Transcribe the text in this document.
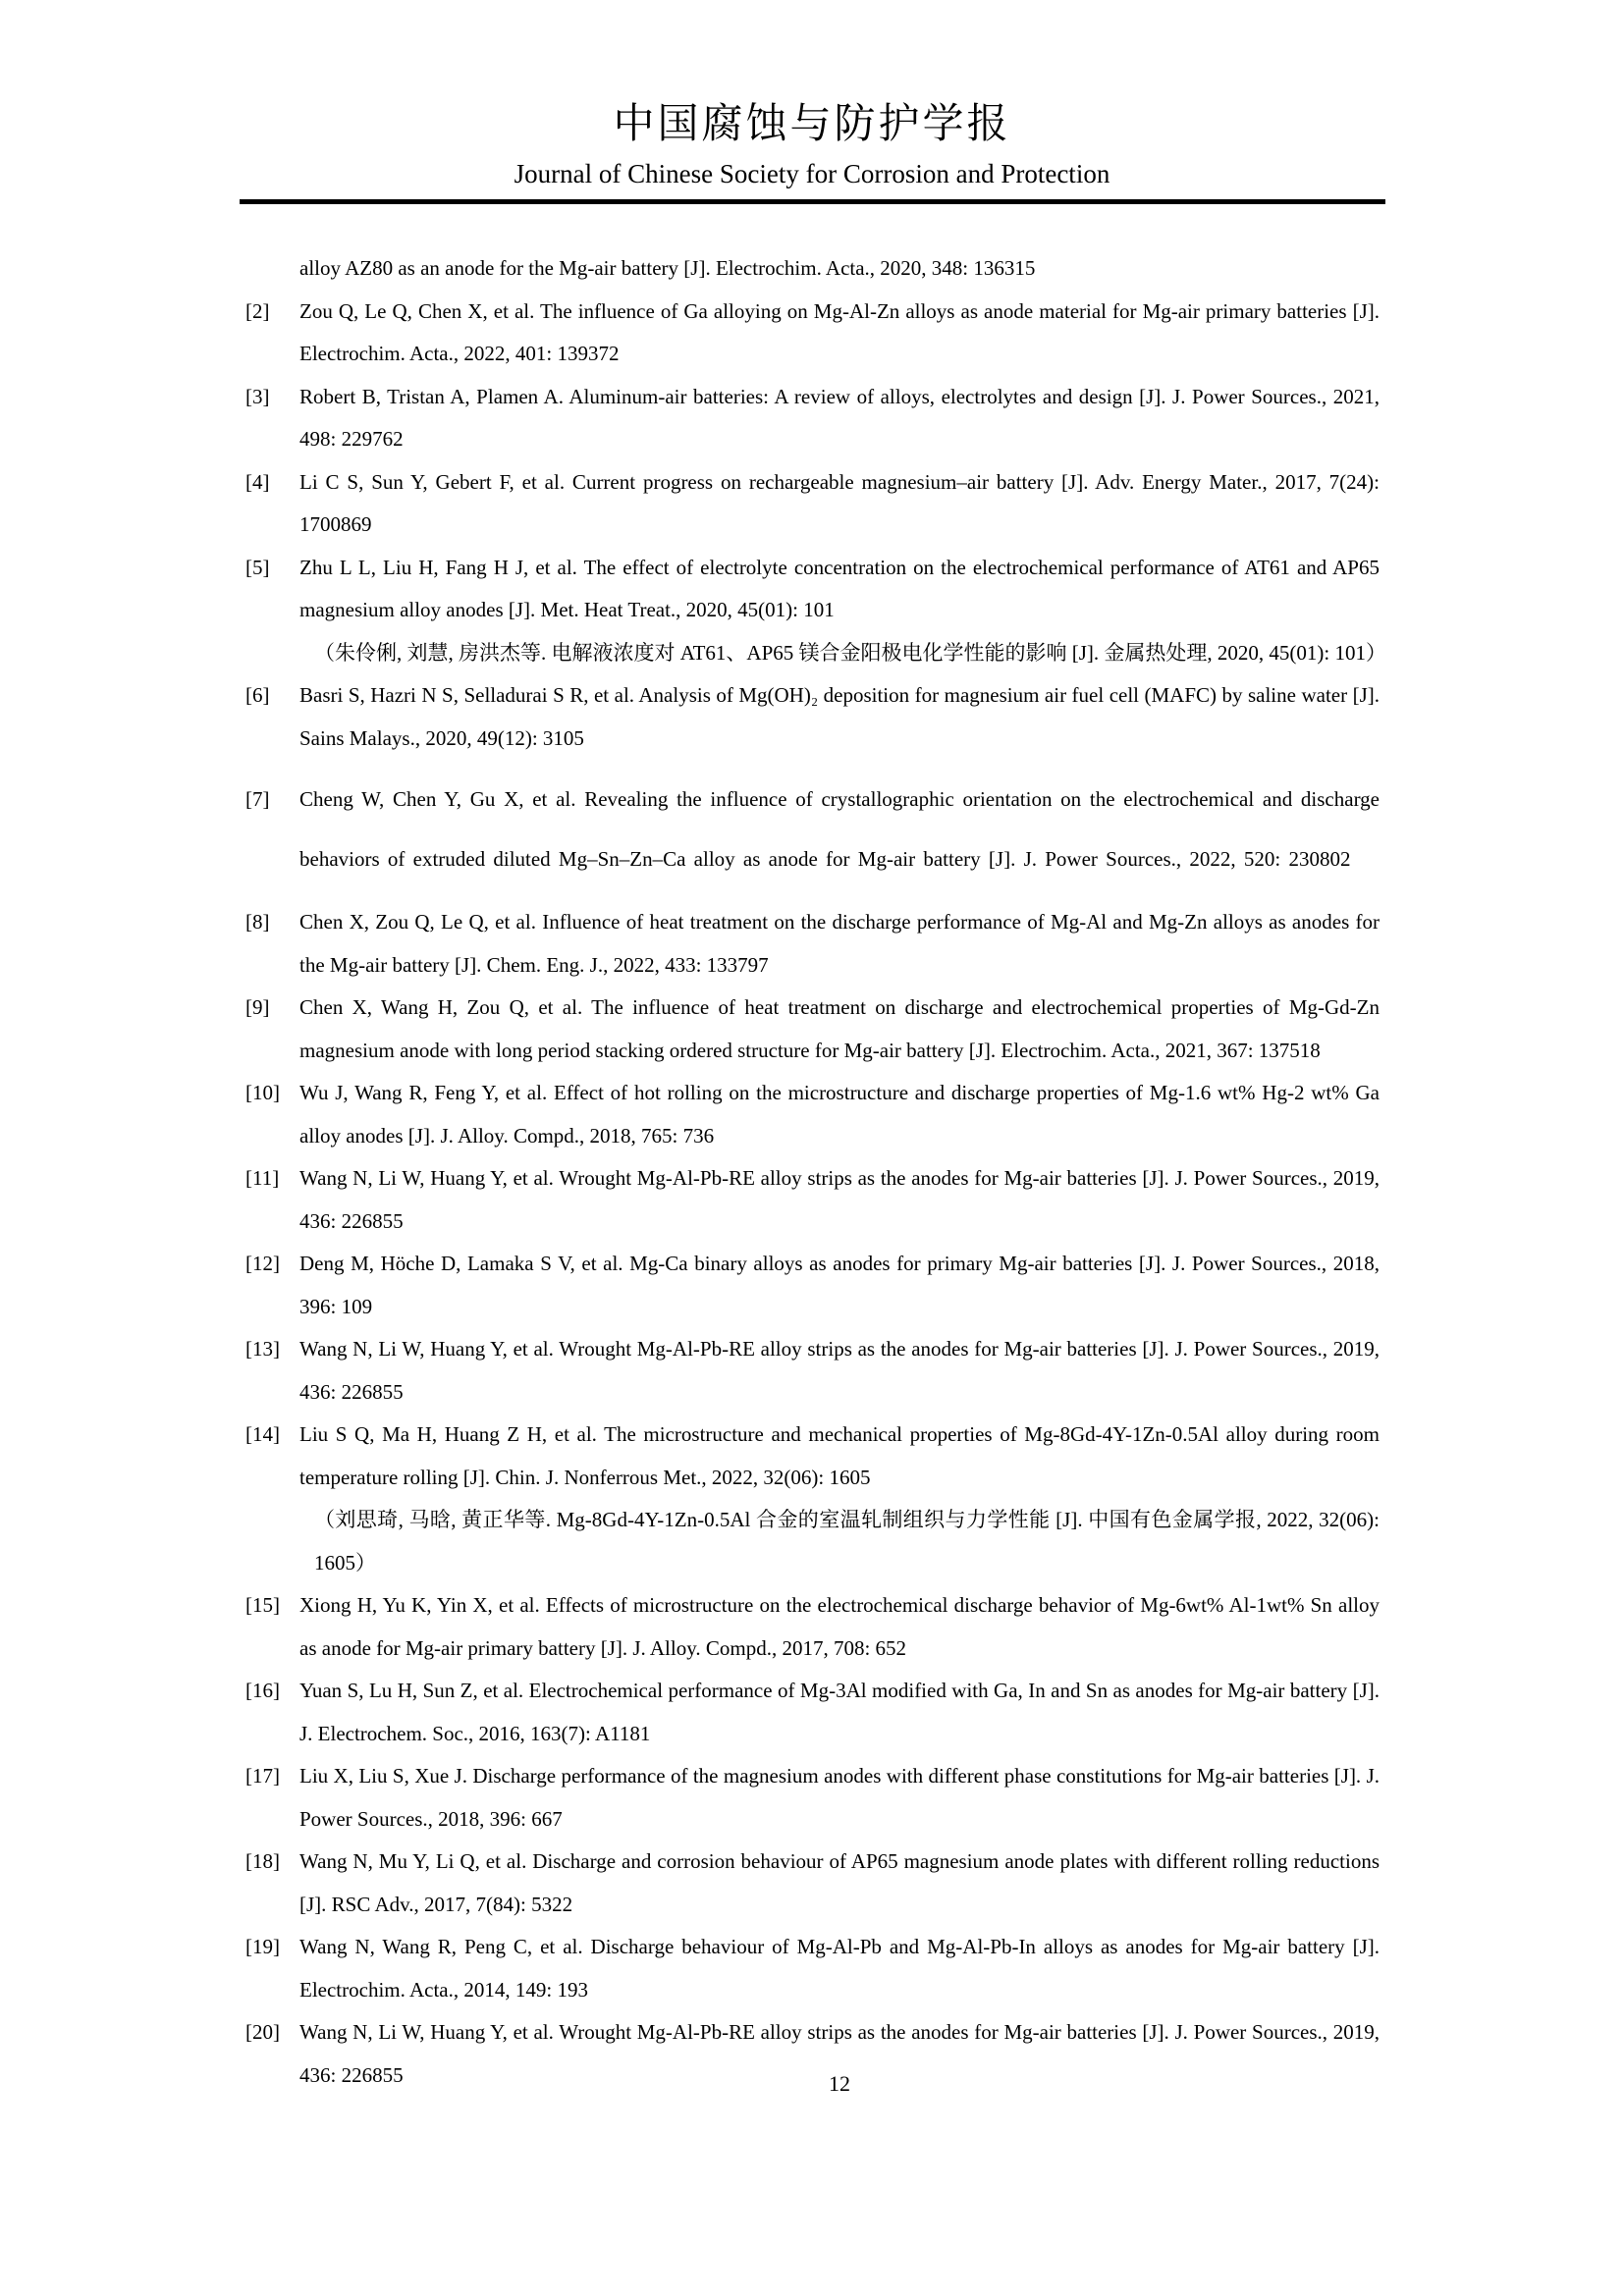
中国腐蚀与防护学报
Journal of Chinese Society for Corrosion and Protection
alloy AZ80 as an anode for the Mg-air battery [J]. Electrochim. Acta., 2020, 348: 136315
[2] Zou Q, Le Q, Chen X, et al. The influence of Ga alloying on Mg-Al-Zn alloys as anode material for Mg-air primary batteries [J]. Electrochim. Acta., 2022, 401: 139372
[3] Robert B, Tristan A, Plamen A. Aluminum-air batteries: A review of alloys, electrolytes and design [J]. J. Power Sources., 2021, 498: 229762
[4] Li C S, Sun Y, Gebert F, et al. Current progress on rechargeable magnesium–air battery [J]. Adv. Energy Mater., 2017, 7(24): 1700869
[5] Zhu L L, Liu H, Fang H J, et al. The effect of electrolyte concentration on the electrochemical performance of AT61 and AP65 magnesium alloy anodes [J]. Met. Heat Treat., 2020, 45(01): 101
（朱伶俐, 刘慧, 房洪杰等. 电解液浓度对 AT61、AP65 镁合金阳极电化学性能的影响 [J]. 金属热处理, 2020, 45(01): 101）
[6] Basri S, Hazri N S, Selladurai S R, et al. Analysis of Mg(OH)₂ deposition for magnesium air fuel cell (MAFC) by saline water [J]. Sains Malays., 2020, 49(12): 3105
[7] Cheng W, Chen Y, Gu X, et al. Revealing the influence of crystallographic orientation on the electrochemical and discharge behaviors of extruded diluted Mg–Sn–Zn–Ca alloy as anode for Mg-air battery [J]. J. Power Sources., 2022, 520: 230802
[8] Chen X, Zou Q, Le Q, et al. Influence of heat treatment on the discharge performance of Mg-Al and Mg-Zn alloys as anodes for the Mg-air battery [J]. Chem. Eng. J., 2022, 433: 133797
[9] Chen X, Wang H, Zou Q, et al. The influence of heat treatment on discharge and electrochemical properties of Mg-Gd-Zn magnesium anode with long period stacking ordered structure for Mg-air battery [J]. Electrochim. Acta., 2021, 367: 137518
[10] Wu J, Wang R, Feng Y, et al. Effect of hot rolling on the microstructure and discharge properties of Mg-1.6 wt% Hg-2 wt% Ga alloy anodes [J]. J. Alloy. Compd., 2018, 765: 736
[11] Wang N, Li W, Huang Y, et al. Wrought Mg-Al-Pb-RE alloy strips as the anodes for Mg-air batteries [J]. J. Power Sources., 2019, 436: 226855
[12] Deng M, Höche D, Lamaka S V, et al. Mg-Ca binary alloys as anodes for primary Mg-air batteries [J]. J. Power Sources., 2018, 396: 109
[13] Wang N, Li W, Huang Y, et al. Wrought Mg-Al-Pb-RE alloy strips as the anodes for Mg-air batteries [J]. J. Power Sources., 2019, 436: 226855
[14] Liu S Q, Ma H, Huang Z H, et al. The microstructure and mechanical properties of Mg-8Gd-4Y-1Zn-0.5Al alloy during room temperature rolling [J]. Chin. J. Nonferrous Met., 2022, 32(06): 1605
（刘思琦, 马晗, 黄正华等. Mg-8Gd-4Y-1Zn-0.5Al 合金的室温轧制组织与力学性能 [J]. 中国有色金属学报, 2022, 32(06): 1605）
[15] Xiong H, Yu K, Yin X, et al. Effects of microstructure on the electrochemical discharge behavior of Mg-6wt% Al-1wt% Sn alloy as anode for Mg-air primary battery [J]. J. Alloy. Compd., 2017, 708: 652
[16] Yuan S, Lu H, Sun Z, et al. Electrochemical performance of Mg-3Al modified with Ga, In and Sn as anodes for Mg-air battery [J]. J. Electrochem. Soc., 2016, 163(7): A1181
[17] Liu X, Liu S, Xue J. Discharge performance of the magnesium anodes with different phase constitutions for Mg-air batteries [J]. J. Power Sources., 2018, 396: 667
[18] Wang N, Mu Y, Li Q, et al. Discharge and corrosion behaviour of AP65 magnesium anode plates with different rolling reductions [J]. RSC Adv., 2017, 7(84): 5322
[19] Wang N, Wang R, Peng C, et al. Discharge behaviour of Mg-Al-Pb and Mg-Al-Pb-In alloys as anodes for Mg-air battery [J]. Electrochim. Acta., 2014, 149: 193
[20] Wang N, Li W, Huang Y, et al. Wrought Mg-Al-Pb-RE alloy strips as the anodes for Mg-air batteries [J]. J. Power Sources., 2019, 436: 226855	12
